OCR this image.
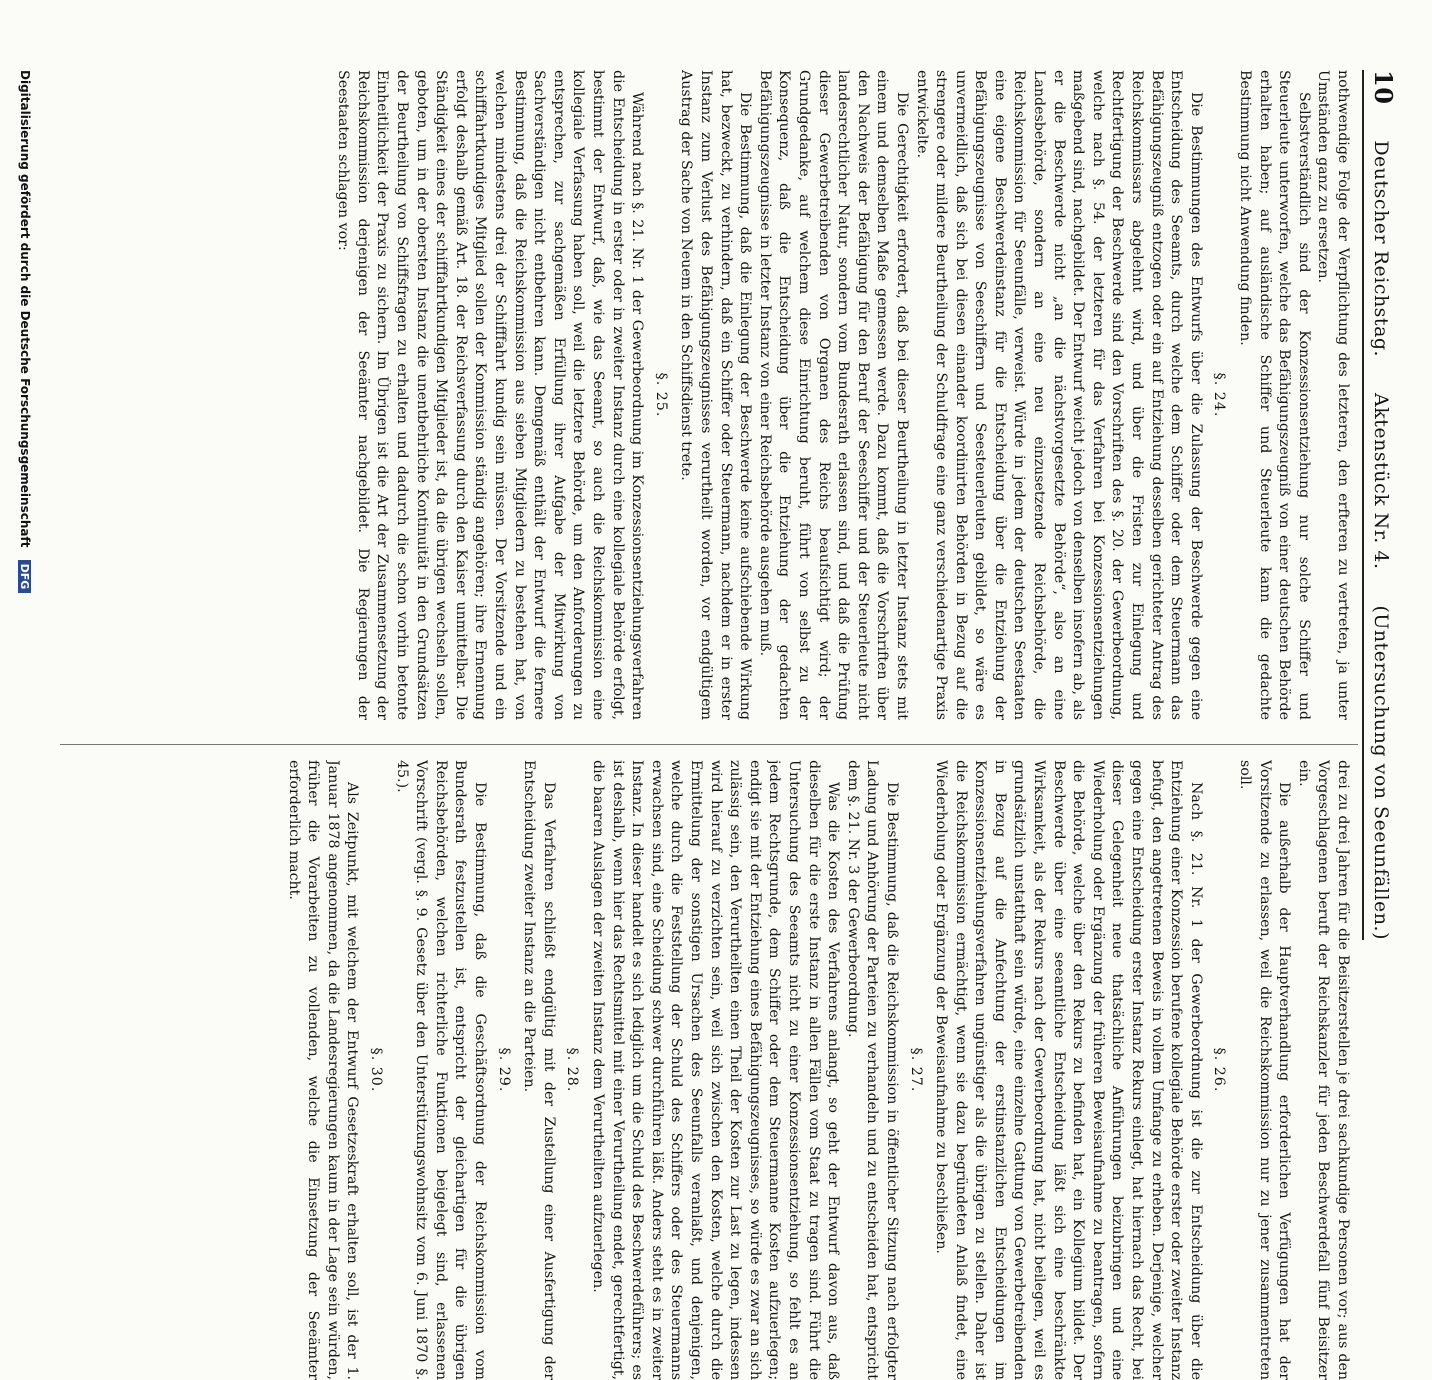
10
Deutscher Reichstag.
Aktenstück Nr. 4.
(Untersuchung von Seeunfällen.)

nothwendige Folge der Verpflichtung des letzteren, den erfteren zu vertreten, ja unter Umständen ganz zu ersetzen.

Selbstverständlich sind der Konzessionsentziehung nur solche Schiffer und Steuerleute unterworfen, welche das Befähigungszeugniß von einer deutschen Behörde erhalten haben; auf ausländische Schiffer und Steuerleute kann die gedachte Bestimmung nicht Anwendung finden.

§. 24.

Die Bestimmungen des Entwurfs über die Zulassung der Beschwerde gegen eine Entscheidung des Seeamts, durch welche dem Schiffer oder dem Steuermann das Befähigungszeugniß entzogen oder ein auf Entziehung desselben gerichteter Antrag des Reichskommissars abgelehnt wird, und über die Fristen zur Einlegung und Rechtfertigung der Beschwerde sind den Vorschriften des §. 20. der Gewerbeordnung, welche nach §. 54. der letzteren für das Verfahren bei Konzessionsentziehungen maßgebend sind, nachgebildet. Der Entwurf weicht jedoch von denselben insofern ab, als er die Beschwerde nicht „an die nächstvorgesetzte Behörde“, also an eine Landesbehörde, sondern an eine neu einzusetzende Reichsbehörde, die Reichskommission für Seeunfälle, verweist. Würde in jedem der deutschen Seestaaten eine eigene Beschwerdeinstanz für die Entscheidung über die Entziehung der Befähigungszeugnisse von Seeschiffern und Seesteuerleuten gebildet, so wäre es unvermeidlich, daß sich bei diesen einander koordinirten Behörden in Bezug auf die strengere oder mildere Beurtheilung der Schuldfrage eine ganz verschiedenartige Praxis entwickelte.

Die Gerechtigkeit erfordert, daß bei dieser Beurtheilung in letzter Instanz stets mit einem und demselben Maße gemessen werde. Dazu kommt, daß die Vorschriften über den Nachweis der Befähigung für den Beruf der Seeschiffer und der Steuerleute nicht landesrechtlicher Natur, sondern vom Bundesrath erlassen sind, und daß die Prüfung dieser Gewerbetreibenden von Organen des Reichs beaufsichtigt wird; der Grundgedanke, auf welchem diese Einrichtung beruht, führt von selbst zu der Konsequenz, daß die Entscheidung über die Entziehung der gedachten Befähigungszeugnisse in letzter Instanz von einer Reichsbehörde ausgehen muß.

Die Bestimmung, daß die Einlegung der Beschwerde keine aufschiebende Wirkung hat, bezweckt, zu verhindern, daß ein Schiffer oder Steuermann, nachdem er in erster Instanz zum Verlust des Befähigungszeugnisses verurtheilt worden, vor endgültigem Austrag der Sache von Neuem in den Schiffsdienst trete.

§. 25.

Während nach §. 21. Nr. 1 der Gewerbeordnung im Konzessionsentziehungsverfahren die Entscheidung in erster oder in zweiter Instanz durch eine kollegiale Behörde erfolgt, bestimmt der Entwurf, daß, wie das Seeamt, so auch die Reichskommission eine kollegiale Verfassung haben soll, weil die letztere Behörde, um den Anforderungen zu entsprechen, zur sachgemäßen Erfüllung ihrer Aufgabe der Mitwirkung von Sachverständigen nicht entbehren kann. Demgemäß enthält der Entwurf die fernere Bestimmung, daß die Reichskommission aus sieben Mitgliedern zu bestehen hat, von welchen mindestens drei der Schifffahrt kundig sein müssen. Der Vorsitzende und ein schifffahrtkundiges Mitglied sollen der Kommission ständig angehören; ihre Ernennung erfolgt deshalb gemäß Art. 18. der Reichsverfassung durch den Kaiser unmittelbar. Die Ständigkeit eines der schifffahrtkundigen Mitglieder ist, da die übrigen wechseln sollen, geboten, um in der obersten Instanz die unentbehrliche Kontinuität in den Grundsätzen der Beurtheilung von Schiffsfragen zu erhalten und dadurch die schon vorhin betonte Einheitlichkeit der Praxis zu sichern. Im Übrigen ist die Art der Zusammensetzung der Reichskommission derjenigen der Seeämter nachgebildet. Die Regierungen der Seestaaten schlagen vor:

drei zu drei Jahren für die Beisitzerstellen je drei sachkundige Personen vor; aus den Vorgeschlagenen beruft der Reichskanzler für jeden Beschwerdefall fünf Beisitzer ein.

Die außerhalb der Hauptverhandlung erforderlichen Verfügungen hat der Vorsitzende zu erlassen, weil die Reichskommission nur zu jener zusammentreten soll.

§. 26.

Nach §. 21. Nr. 1 der Gewerbeordnung ist die zur Entscheidung über die Entziehung einer Konzession berufene kollegiale Behörde erster oder zweiter Instanz befugt, den angetretenen Beweis in vollem Umfange zu erheben. Derjenige, welcher gegen eine Entscheidung erster Instanz Rekurs einlegt, hat hiernach das Recht, bei dieser Gelegenheit neue thatsächliche Anführungen beizubringen und eine Wiederholung oder Ergänzung der früheren Beweisaufnahme zu beantragen, sofern die Behörde, welche über den Rekurs zu befinden hat, ein Kollegium bildet. Der Beschwerde über eine seeamtliche Entscheidung läßt sich eine beschränkte Wirksamkeit, als der Rekurs nach der Gewerbeordnung hat, nicht beilegen, weil es grundsätzlich unstatthaft sein würde, eine einzelne Gattung von Gewerbetreibenden in Bezug auf die Anfechtung der erstinstanzlichen Entscheidungen im Konzessionsentziehungsverfahren ungünstiger als die übrigen zu stellen. Daher ist die Reichskommission ermächtigt, wenn sie dazu begründeten Anlaß findet, eine Wiederholung oder Ergänzung der Beweisaufnahme zu beschließen.

§. 27.

Die Bestimmung, daß die Reichskommission in öffentlicher Sitzung nach erfolgter Ladung und Anhörung der Parteien zu verhandeln und zu entscheiden hat, entspricht dem §. 21. Nr. 3 der Gewerbeordnung.

Was die Kosten des Verfahrens anlangt, so geht der Entwurf davon aus, daß dieselben für die erste Instanz in allen Fällen vom Staat zu tragen sind. Führt die Untersuchung des Seeamts nicht zu einer Konzessionsentziehung, so fehlt es an jedem Rechtsgrunde, dem Schiffer oder dem Steuermanne Kosten aufzuerlegen; endigt sie mit der Entziehung eines Befähigungszeugnisses, so würde es zwar an sich zulässig sein, den Verurtheilten einen Theil der Kosten zur Last zu legen, indessen wird hierauf zu verzichten sein, weil sich zwischen den Kosten, welche durch die Ermittelung der sonstigen Ursachen des Seeunfalls veranlaßt, und denjenigen, welche durch die Feststellung der Schuld des Schiffers oder des Steuermanns erwachsen sind, eine Scheidung schwer durchführen läßt. Anders steht es in zweiter Instanz. In dieser handelt es sich lediglich um die Schuld des Beschwerdeführers; es ist deshalb, wenn hier das Rechtsmittel mit einer Verurtheilung endet, gerechtfertigt, die baaren Auslagen der zweiten Instanz dem Verurtheilten aufzuerlegen.

§. 28.

Das Verfahren schließt endgültig mit der Zustellung einer Ausfertigung der Entscheidung zweiter Instanz an die Parteien.

§. 29.

Die Bestimmung, daß die Geschäftsordnung der Reichskommission vom Bundesrath festzustellen ist, entspricht der gleichartigen für die übrigen Reichsbehörden, welchen richterliche Funktionen beigelegt sind, erlassenen Vorschrift (vergl. §. 9. Gesetz über den Unterstützungswohnsitz vom 6. Juni 1870 §. 45.).

§. 30.

Als Zeitpunkt, mit welchem der Entwurf Gesetzeskraft erhalten soll, ist der 1. Januar 1878 angenommen, da die Landesregierungen kaum in der Lage sein würden, früher die Vorarbeiten zu vollenden, welche die Einsetzung der Seeämter erforderlich macht.

Digitalisierung gefördert durch die Deutsche Forschungsgemeinschaft DFG
